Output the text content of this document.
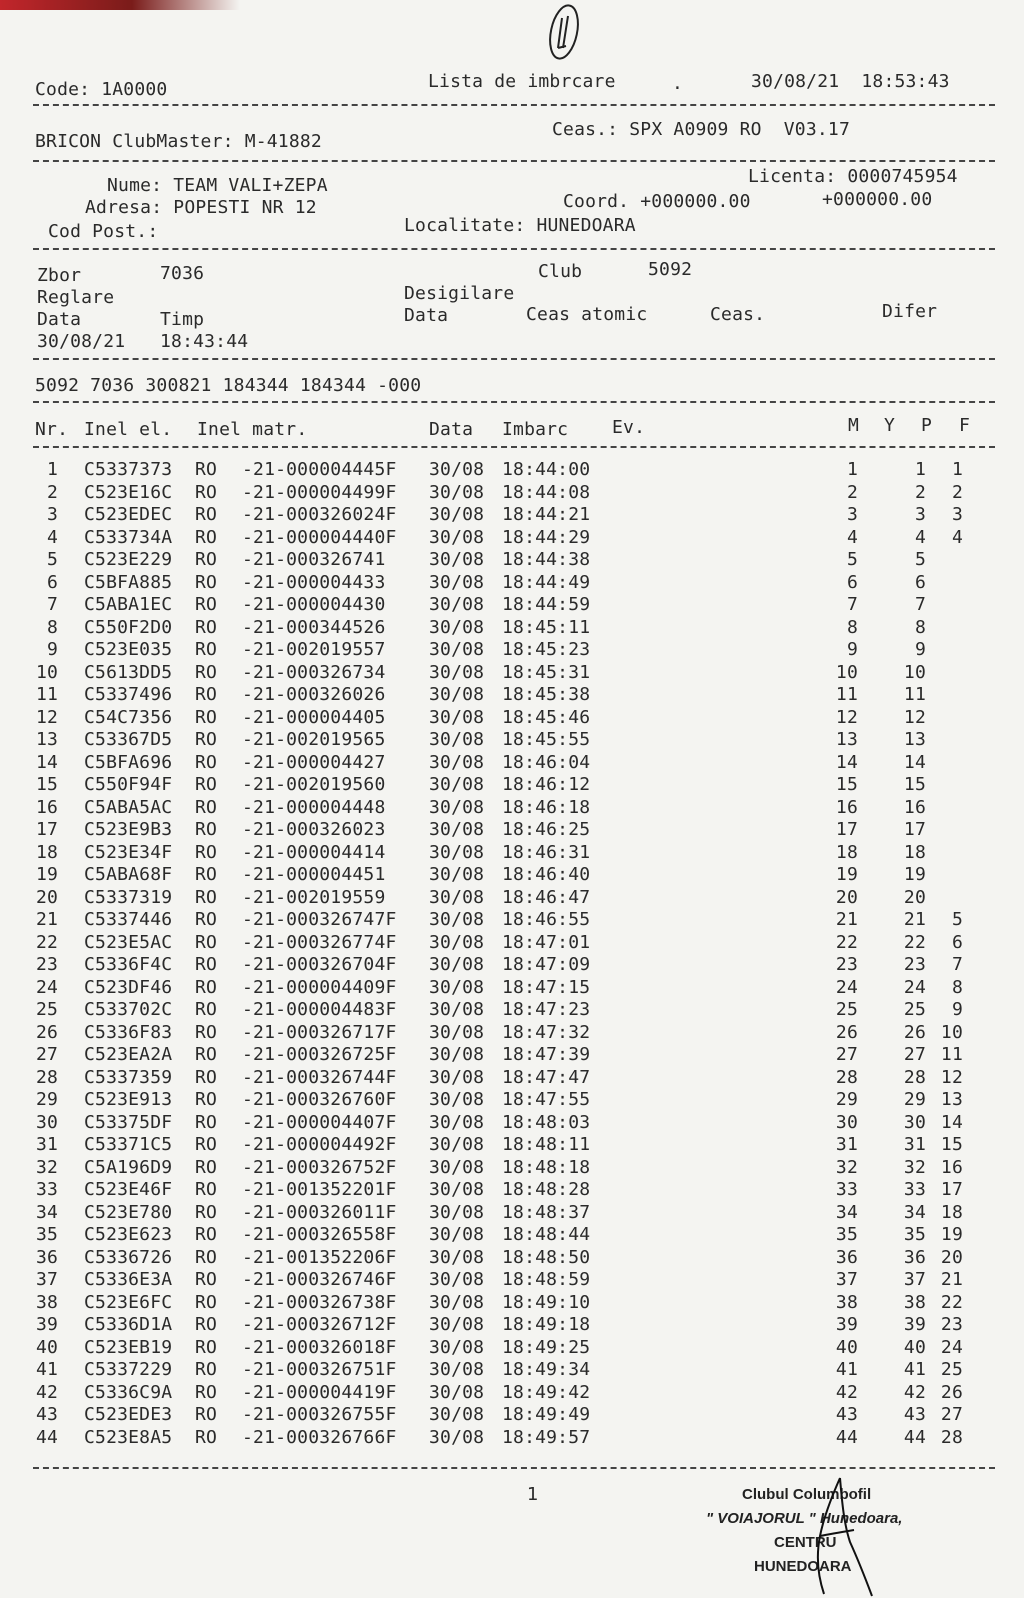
Code: 1A0000	Lista de imbrcare	.	30/08/21  18:53:43
BRICON ClubMaster: M-41882
Ceas.: SPX A0909 RO  V03.17
Nume: TEAM VALI+ZEPA
Adresa: POPESTI NR 12
Cod Post.:
Licenta: 0000745954
Coord. +000000.00	+000000.00
Localitate: HUNEDOARA
Zbor	7036	Club	5092
Reglare	Desigilare
Data	Timp	Data	Ceas atomic	Ceas.	Difer
30/08/21 18:43:44
5092 7036 300821 184344 184344 -000
Nr. Inel el. Inel matr.	Data Imbarc Ev.	M Y P F
1 C5337373 RO -21-000004445F 30/08 18:44:00	1	1	1
2 C523E16C RO -21-000004499F 30/08 18:44:08	2	2	2
3 C523EDEC RO -21-000326024F 30/08 18:44:21	3	3	3
4 C533734A RO -21-000004440F 30/08 18:44:29	4	4	4
5 C523E229 RO -21-000326741 30/08 18:44:38	5	5
6 C5BFA885 RO -21-000004433 30/08 18:44:49	6	6
7 C5ABA1EC RO -21-000004430 30/08 18:44:59	7	7
8 C550F2D0 RO -21-000344526 30/08 18:45:11	8	8
9 C523E035 RO -21-002019557 30/08 18:45:23	9	9
10 C5613DD5 RO -21-000326734 30/08 18:45:31	10	10
11 C5337496 RO -21-000326026 30/08 18:45:38	11	11
12 C54C7356 RO -21-000004405 30/08 18:45:46	12	12
13 C53367D5 RO -21-002019565 30/08 18:45:55	13	13
14 C5BFA696 RO -21-000004427 30/08 18:46:04	14	14
15 C550F94F RO -21-002019560 30/08 18:46:12	15	15
16 C5ABA5AC RO -21-000004448 30/08 18:46:18	16	16
17 C523E9B3 RO -21-000326023 30/08 18:46:25	17	17
18 C523E34F RO -21-000004414 30/08 18:46:31	18	18
19 C5ABA68F RO -21-000004451 30/08 18:46:40	19	19
20 C5337319 RO -21-002019559 30/08 18:46:47	20	20
21 C5337446 RO -21-000326747F 30/08 18:46:55	21	21	5
22 C523E5AC RO -21-000326774F 30/08 18:47:01	22	22	6
23 C5336F4C RO -21-000326704F 30/08 18:47:09	23	23	7
24 C523DF46 RO -21-000004409F 30/08 18:47:15	24	24	8
25 C533702C RO -21-000004483F 30/08 18:47:23	25	25	9
26 C5336F83 RO -21-000326717F 30/08 18:47:32	26	26 10
27 C523EA2A RO -21-000326725F 30/08 18:47:39	27	27 11
28 C5337359 RO -21-000326744F 30/08 18:47:47	28	28 12
29 C523E913 RO -21-000326760F 30/08 18:47:55	29	29 13
30 C53375DF RO -21-000004407F 30/08 18:48:03	30	30 14
31 C53371C5 RO -21-000004492F 30/08 18:48:11	31	31 15
32 C5A196D9 RO -21-000326752F 30/08 18:48:18	32	32 16
33 C523E46F RO -21-001352201F 30/08 18:48:28	33	33 17
34 C523E780 RO -21-000326011F 30/08 18:48:37	34	34 18
35 C523E623 RO -21-000326558F 30/08 18:48:44	35	35 19
36 C5336726 RO -21-001352206F 30/08 18:48:50	36	36 20
37 C5336E3A RO -21-000326746F 30/08 18:48:59	37	37 21
38 C523E6FC RO -21-000326738F 30/08 18:49:10	38	38 22
39 C5336D1A RO -21-000326712F 30/08 18:49:18	39	39 23
40 C523EB19 RO -21-000326018F 30/08 18:49:25	40	40 24
41 C5337229 RO -21-000326751F 30/08 18:49:34	41	41 25
42 C5336C9A RO -21-000004419F 30/08 18:49:42	42	42 26
43 C523EDE3 RO -21-000326755F 30/08 18:49:49	43	43 27
44 C523E8A5 RO -21-000326766F 30/08 18:49:57	44	44 28
1	Clubul Columbofil
" VOIAJORUL " Hunedoara,
CENTRU
HUNEDOARA
